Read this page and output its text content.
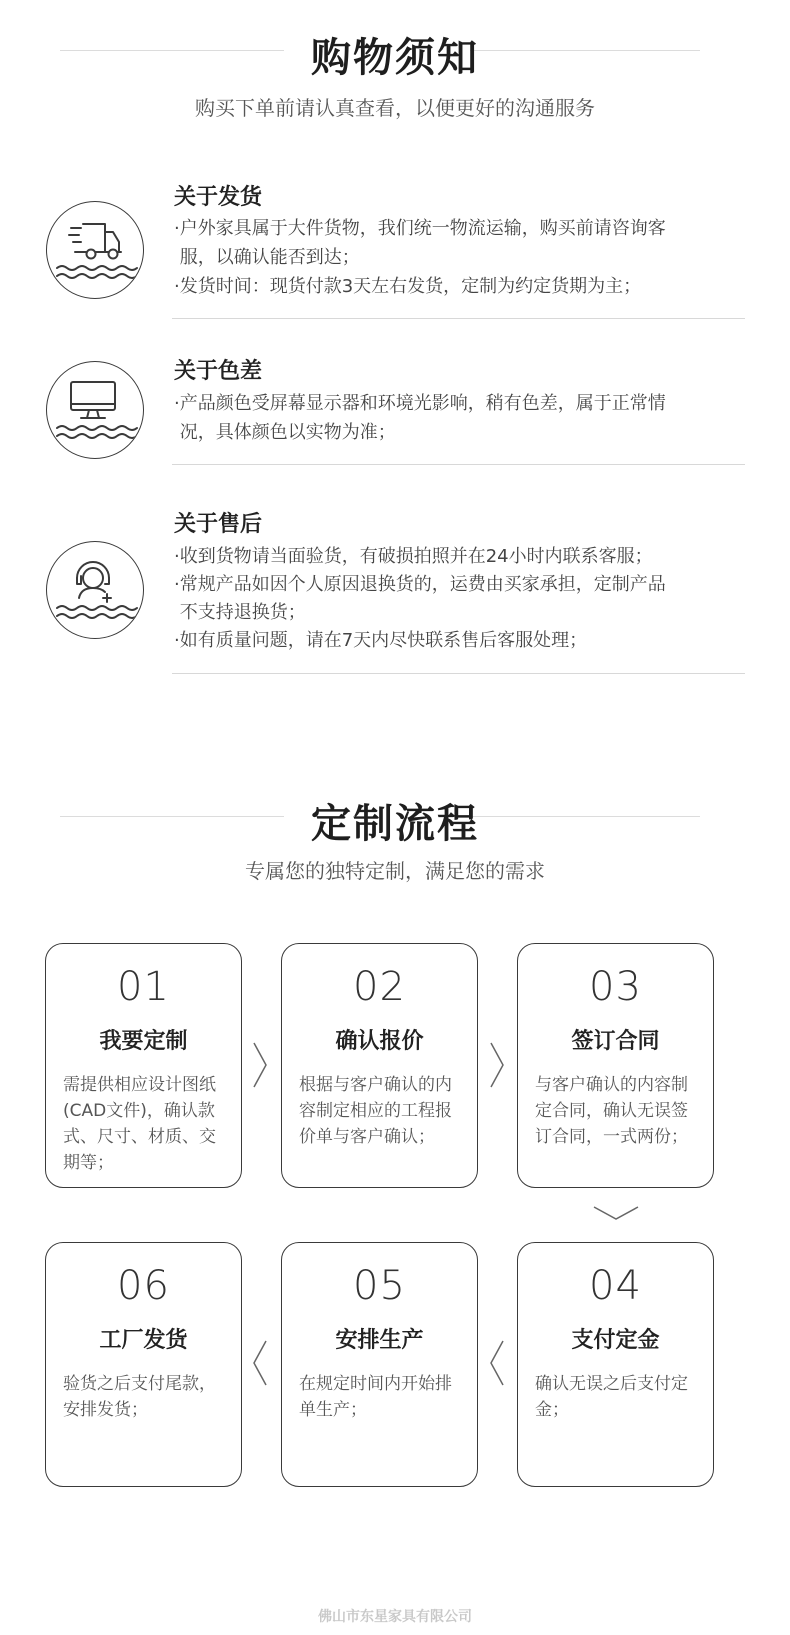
购物须知
购买下单前请认真查看，以便更好的沟通服务
关于发货
·户外家具属于大件货物，我们统一物流运输，购买前请咨询客
服，以确认能否到达；
·发货时间：现货付款3天左右发货，定制为约定货期为主；
关于色差
·产品颜色受屏幕显示器和环境光影响，稍有色差，属于正常情
况，具体颜色以实物为准；
关于售后
·收到货物请当面验货，有破损拍照并在24小时内联系客服；
·常规产品如因个人原因退换货的，运费由买家承担，定制产品
不支持退换货；
·如有质量问题，请在7天内尽快联系售后客服处理；
定制流程
专属您的独特定制，满足您的需求
01
我要定制
需提供相应设计图纸(CAD文件)，确认款式、尺寸、材质、交期等；
02
确认报价
根据与客户确认的内容制定相应的工程报价单与客户确认；
03
签订合同
与客户确认的内容制定合同，确认无误签订合同，一式两份；
06
工厂发货
验货之后支付尾款，安排发货；
05
安排生产
在规定时间内开始排单生产；
04
支付定金
确认无误之后支付定金；
佛山市东星家具有限公司
